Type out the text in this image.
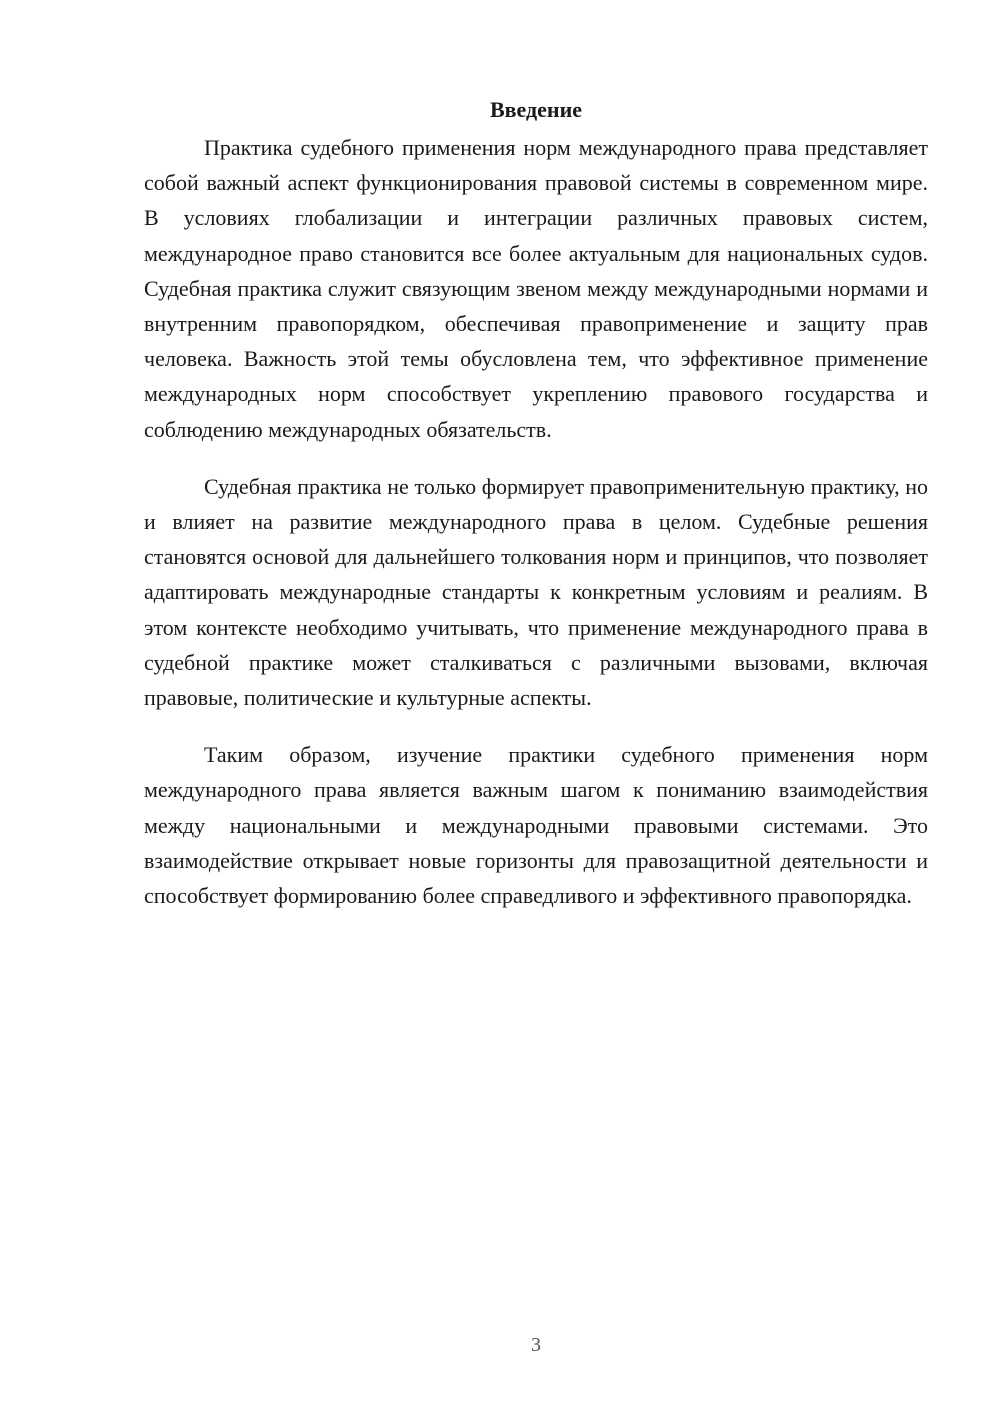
Введение

Практика судебного применения норм международного права представляет собой важный аспект функционирования правовой системы в современном мире. В условиях глобализации и интеграции различных правовых систем, международное право становится все более актуальным для национальных судов. Судебная практика служит связующим звеном между международными нормами и внутренним правопорядком, обеспечивая правоприменение и защиту прав человека. Важность этой темы обусловлена тем, что эффективное применение международных норм способствует укреплению правового государства и соблюдению международных обязательств.

Судебная практика не только формирует правоприменительную практику, но и влияет на развитие международного права в целом. Судебные решения становятся основой для дальнейшего толкования норм и принципов, что позволяет адаптировать международные стандарты к конкретным условиям и реалиям. В этом контексте необходимо учитывать, что применение международного права в судебной практике может сталкиваться с различными вызовами, включая правовые, политические и культурные аспекты.

Таким образом, изучение практики судебного применения норм международного права является важным шагом к пониманию взаимодействия между национальными и международными правовыми системами. Это взаимодействие открывает новые горизонты для правозащитной деятельности и способствует формированию более справедливого и эффективного правопорядка.

3
